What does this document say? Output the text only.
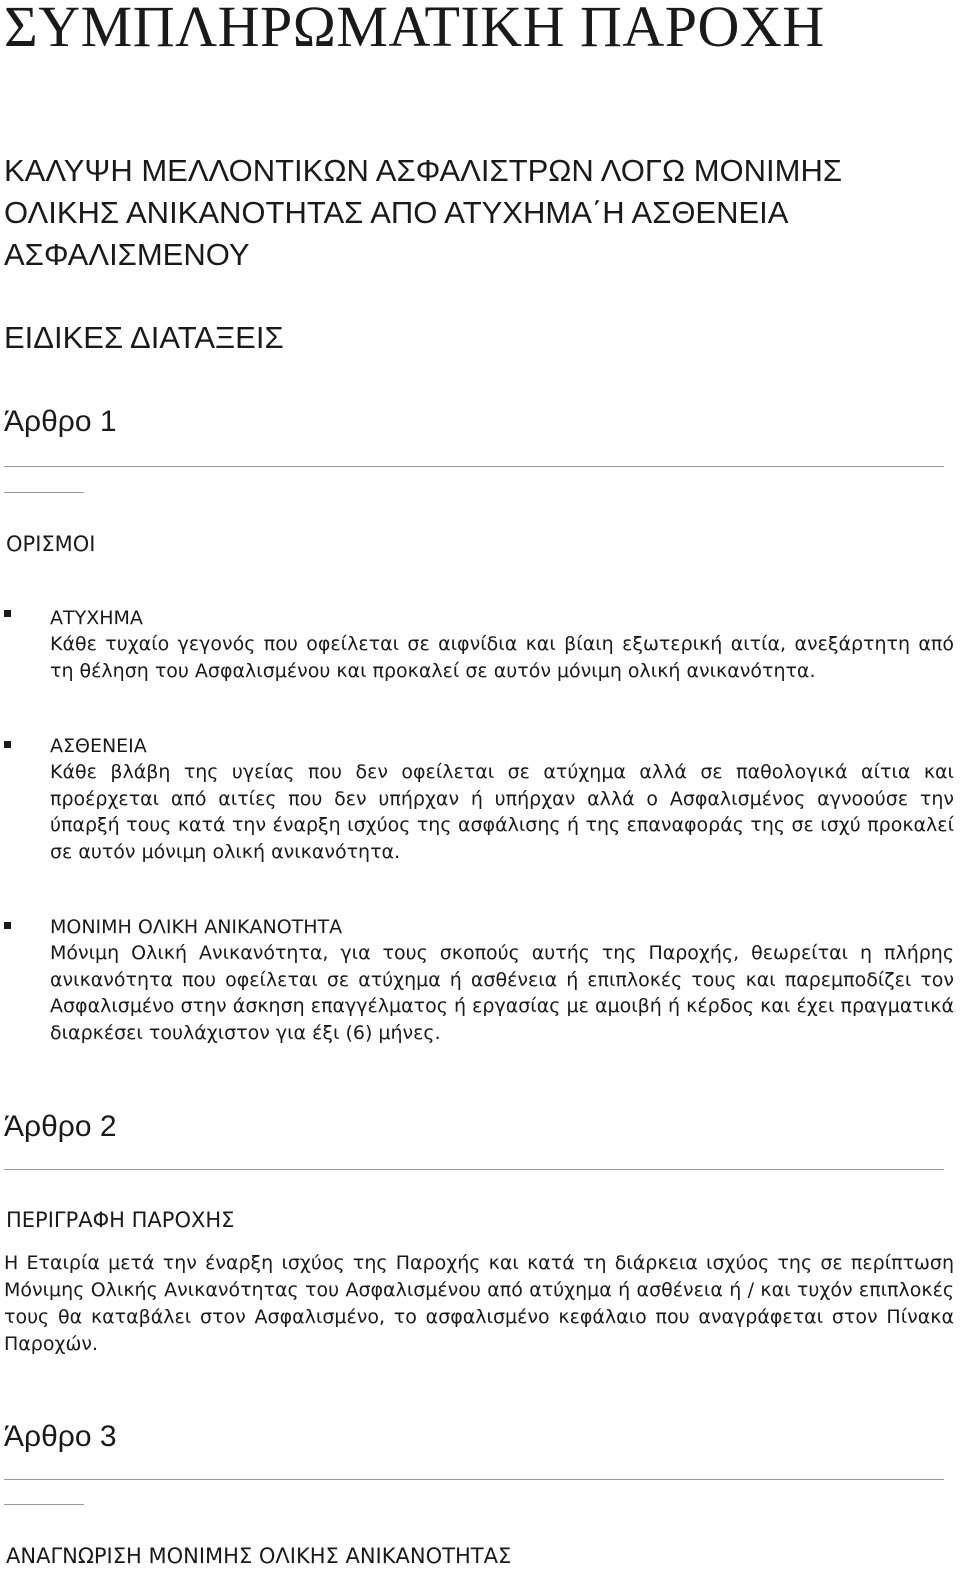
ΣΥΜΠΛΗΡΩΜΑΤΙΚΗ ΠΑΡΟΧΗ
ΚΑΛΥΨΗ ΜΕΛΛΟΝΤΙΚΩΝ ΑΣΦΑΛΙΣΤΡΩΝ ΛΟΓΩ ΜΟΝΙΜΗΣ
ΟΛΙΚΗΣ ΑΝΙΚΑΝΟΤΗΤΑΣ ΑΠΟ ΑΤΥΧΗΜΑ΄Η ΑΣΘΕΝΕΙΑ
ΑΣΦΑΛΙΣΜΕΝΟΥ
ΕΙΔΙΚΕΣ ΔΙΑΤΑΞΕΙΣ
Άρθρο 1
ΟΡΙΣΜΟΙ
ΑΤΥΧΗΜΑ
Κάθε τυχαίο γεγονός που οφείλεται σε αιφνίδια και βίαιη εξωτερική αιτία, ανεξάρτητη από τη θέληση του Ασφαλισμένου και προκαλεί σε αυτόν μόνιμη ολική ανικανότητα.
ΑΣΘΕΝΕΙΑ
Κάθε βλάβη της υγείας που δεν οφείλεται σε ατύχημα αλλά σε παθολογικά αίτια και προέρχεται από αιτίες που δεν υπήρχαν ή υπήρχαν αλλά ο Ασφαλισμένος αγνοούσε την ύπαρξή τους κατά την έναρξη ισχύος της ασφάλισης ή της επαναφοράς της σε ισχύ προκαλεί σε αυτόν μόνιμη ολική ανικανότητα.
ΜΟΝΙΜΗ ΟΛΙΚΗ ΑΝΙΚΑΝΟΤΗΤΑ
Μόνιμη Ολική Ανικανότητα, για τους σκοπούς αυτής της Παροχής, θεωρείται η πλήρης ανικανότητα που οφείλεται σε ατύχημα ή ασθένεια ή επιπλοκές τους και παρεμποδίζει τον Ασφαλισμένο στην άσκηση επαγγέλματος ή εργασίας με αμοιβή ή κέρδος και έχει πραγματικά διαρκέσει τουλάχιστον για έξι (6) μήνες.
Άρθρο 2
ΠΕΡΙΓΡΑΦΗ ΠΑΡΟΧΗΣ
Η Εταιρία μετά την έναρξη ισχύος της Παροχής και κατά τη διάρκεια ισχύος της σε περίπτωση Μόνιμης Ολικής Ανικανότητας του Ασφαλισμένου από ατύχημα ή ασθένεια ή / και τυχόν επιπλοκές τους θα καταβάλει στον Ασφαλισμένο, το ασφαλισμένο κεφάλαιο που αναγράφεται στον Πίνακα Παροχών.
Άρθρο 3
ΑΝΑΓΝΩΡΙΣΗ ΜΟΝΙΜΗΣ ΟΛΙΚΗΣ ΑΝΙΚΑΝΟΤΗΤΑΣ
